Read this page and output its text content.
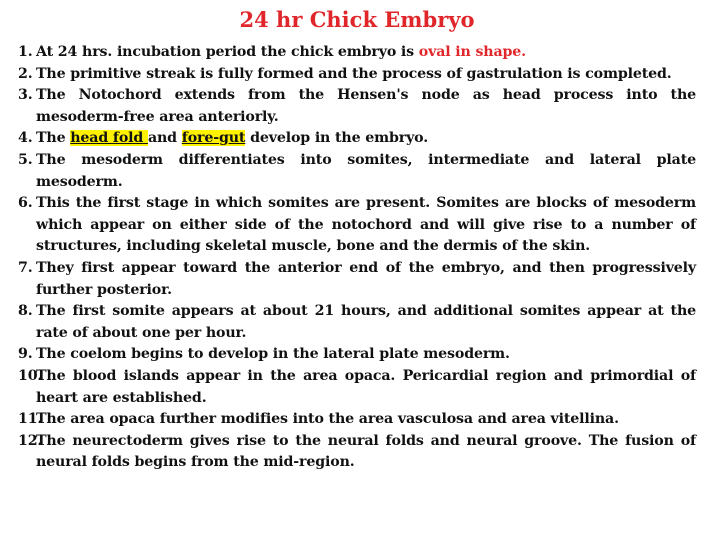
24 hr Chick Embryo
1. At 24 hrs. incubation period the chick embryo is oval in shape.
2. The primitive streak is fully formed and the process of gastrulation is completed.
3. The Notochord extends from the Hensen's node as head process into the mesoderm-free area anteriorly.
4. The head fold and fore-gut develop in the embryo.
5. The mesoderm differentiates into somites, intermediate and lateral plate mesoderm.
6. This the first stage in which somites are present. Somites are blocks of mesoderm which appear on either side of the notochord and will give rise to a number of structures, including skeletal muscle, bone and the dermis of the skin.
7. They first appear toward the anterior end of the embryo, and then progressively further posterior.
8. The first somite appears at about 21 hours, and additional somites appear at the rate of about one per hour.
9. The coelom begins to develop in the lateral plate mesoderm.
10.
The blood islands appear in the area opaca. Pericardial region and primordial of heart are established.
11.
The area opaca further modifies into the area vasculosa and area vitellina.
12.
The neurectoderm gives rise to the neural folds and neural groove. The fusion of neural folds begins from the mid-region.
